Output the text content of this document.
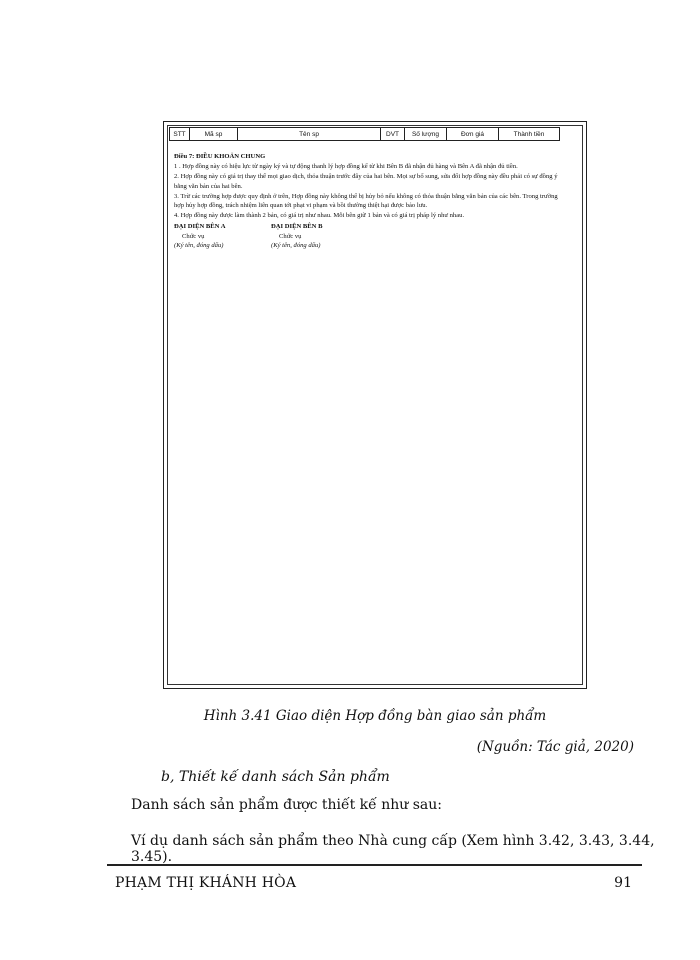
STT	Mã sp	Tên sp	DVT	Số lượng	Đơn giá	Thành tiền

Điều 7: ĐIỀU KHOẢN CHUNG

1 . Hợp đồng này có hiệu lực từ ngày ký và tự động thanh lý hợp đồng kể từ khi Bên B đã nhận đủ hàng và Bên A đã nhận đủ tiền.

2. Hợp đồng này có giá trị thay thế mọi giao dịch, thỏa thuận trước đây của hai bên. Mọi sự bổ sung, sửa đổi hợp đồng này đều phải có sự đồng ý bằng văn bản của hai bên.

3. Trừ các trường hợp được quy định ở trên, Hợp đồng này không thể bị hủy bỏ nếu không có thỏa thuận bằng văn bản của các bên. Trong trường hợp hủy hợp đồng, trách nhiệm liên quan tới phạt vi phạm và bồi thường thiệt hại được bảo lưu.

4. Hợp đồng này được làm thành 2 bản, có giá trị như nhau. Mỗi bên giữ 1 bản và có giá trị pháp lý như nhau.

ĐẠI DIỆN BÊN A
Chức vụ
(Ký tên, đóng dấu)
ĐẠI DIỆN BÊN B
Chức vụ
(Ký tên, đóng dấu)
Hình 3.41 Giao diện Hợp đồng bàn giao sản phẩm
(Nguồn: Tác giả, 2020)
b, Thiết kế danh sách Sản phẩm
Danh sách sản phẩm được thiết kế như sau:
Ví dụ danh sách sản phẩm theo Nhà cung cấp (Xem hình 3.42, 3.43, 3.44, 3.45).
PHẠM THỊ KHÁNH HÒA	91
